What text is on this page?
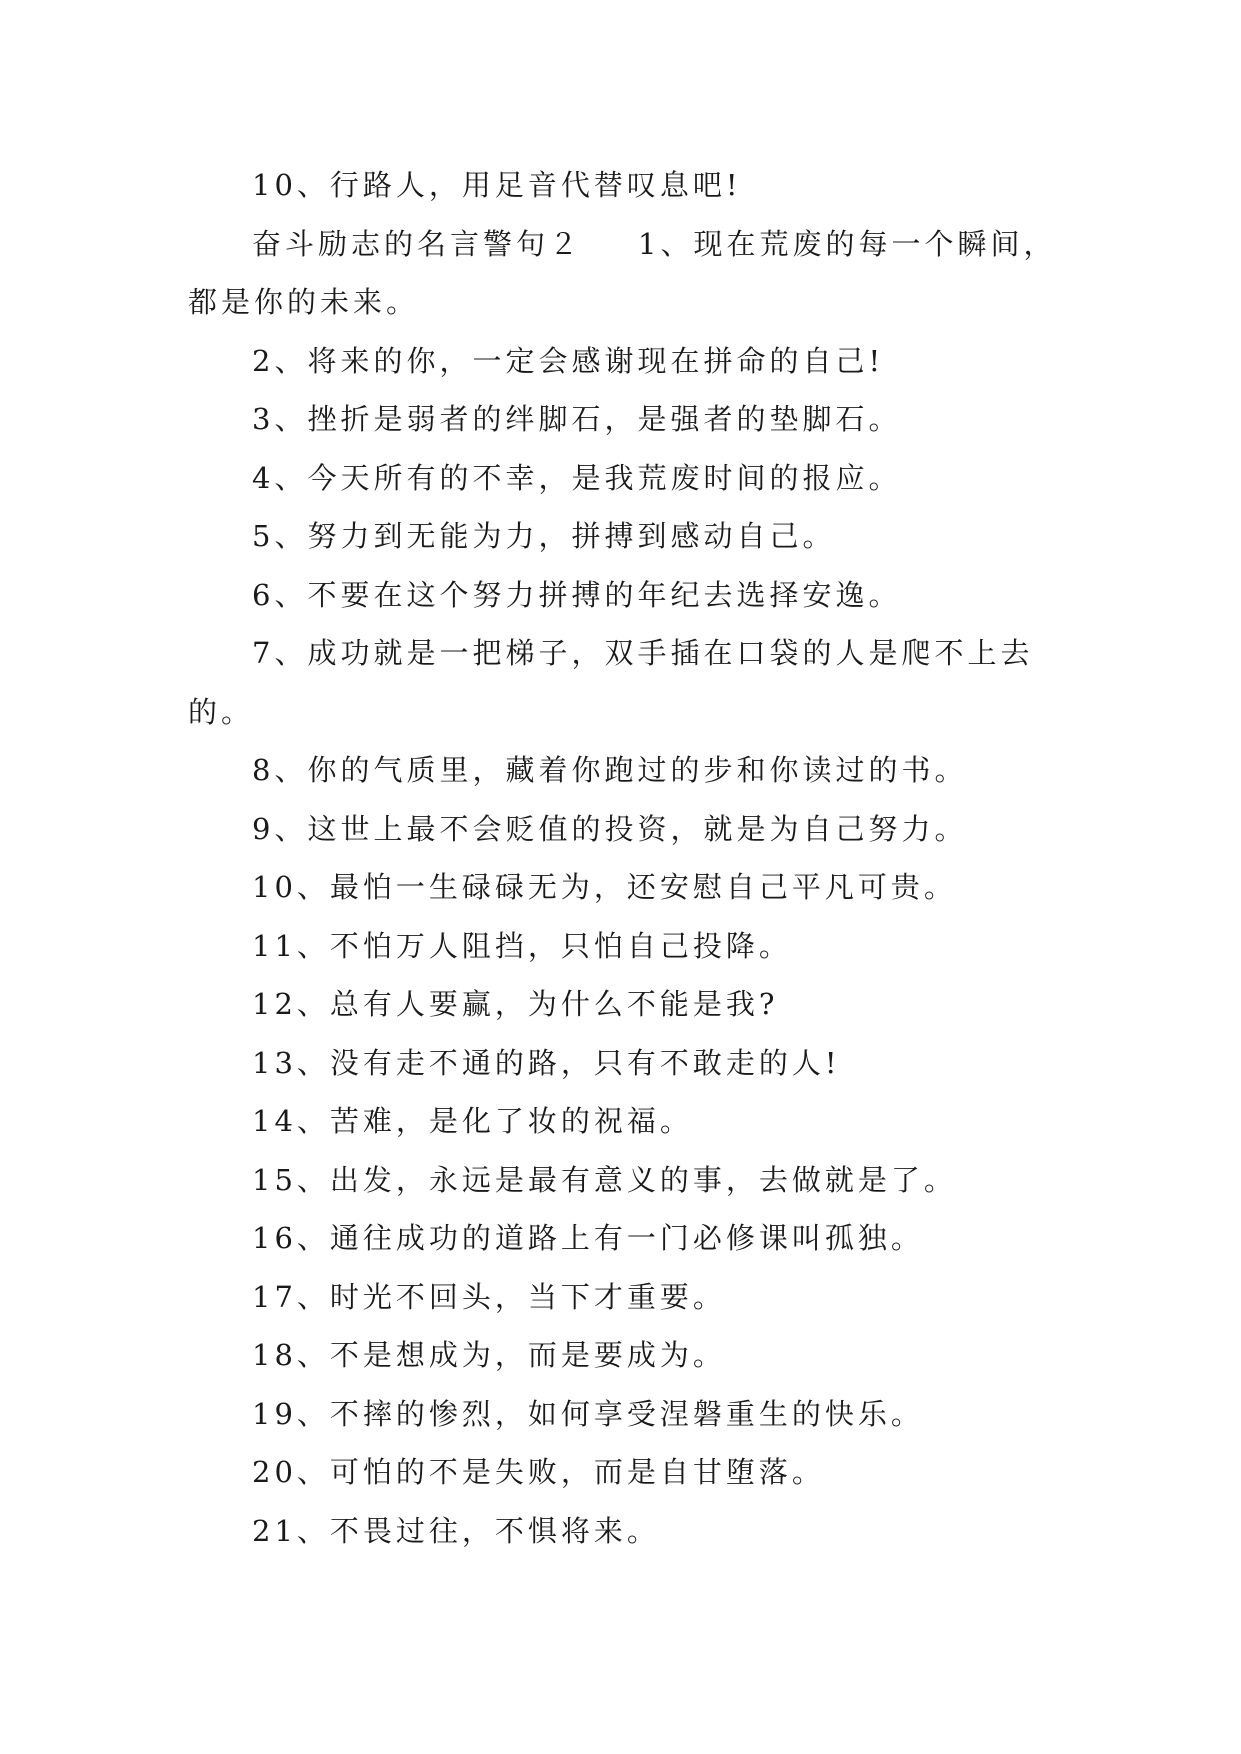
10、行路人，用足音代替叹息吧!

奋斗励志的名言警句２ 1、现在荒废的每一个瞬间，都是你的未来。

2、将来的你，一定会感谢现在拼命的自己!

3、挫折是弱者的绊脚石，是强者的垫脚石。

4、今天所有的不幸，是我荒废时间的报应。

5、努力到无能为力，拼搏到感动自己。

6、不要在这个努力拼搏的年纪去选择安逸。

7、成功就是一把梯子，双手插在口袋的人是爬不上去的。

8、你的气质里，藏着你跑过的步和你读过的书。

9、这世上最不会贬值的投资，就是为自己努力。

10、最怕一生碌碌无为，还安慰自己平凡可贵。

11、不怕万人阻挡，只怕自己投降。

12、总有人要赢，为什么不能是我?

13、没有走不通的路，只有不敢走的人!

14、苦难，是化了妆的祝福。

15、出发，永远是最有意义的事，去做就是了。

16、通往成功的道路上有一门必修课叫孤独。

17、时光不回头，当下才重要。

18、不是想成为，而是要成为。

19、不摔的惨烈，如何享受涅磐重生的快乐。

20、可怕的不是失败，而是自甘堕落。

21、不畏过往，不惧将来。
